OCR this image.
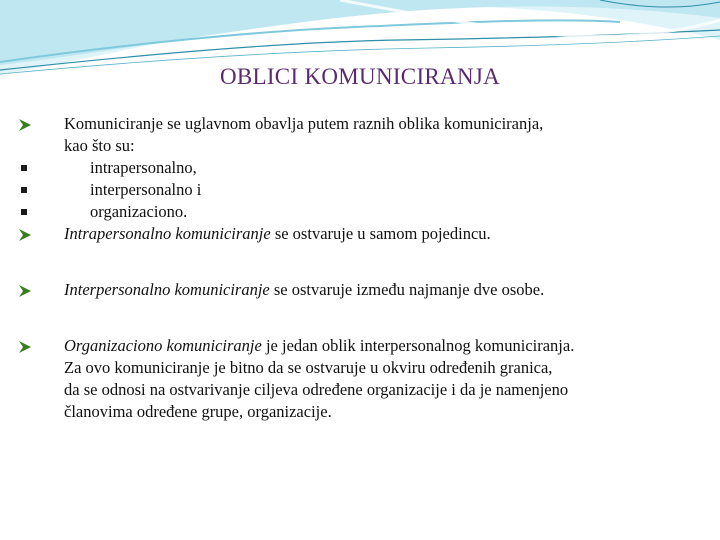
OBLICI KOMUNICIRANJA
Komuniciranje se uglavnom obavlja putem raznih oblika komuniciranja,
kao što su:
intrapersonalno,
interpersonalno i
organizaciono.
Intrapersonalno komuniciranje se ostvaruje u samom pojedincu.
Interpersonalno komuniciranje se ostvaruje između najmanje dve osobe.
Organizaciono komuniciranje je jedan oblik interpersonalnog komuniciranja.
Za ovo komuniciranje je bitno da se ostvaruje u okviru određenih granica,
da se odnosi na ostvarivanje ciljeva određene organizacije i da je namenjeno
članovima određene grupe, organizacije.
